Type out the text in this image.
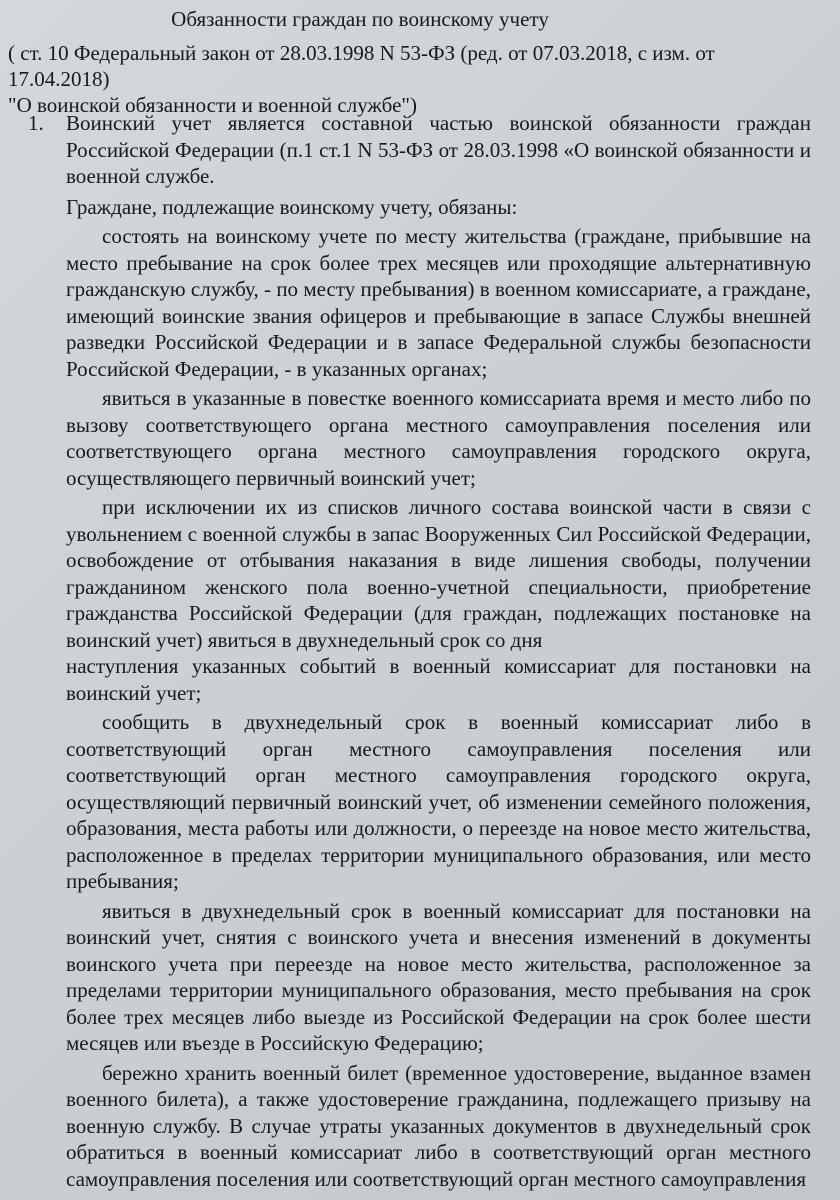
Обязанности граждан по воинскому учету
( ст. 10 Федеральный закон от 28.03.1998 N 53-ФЗ (ред. от 07.03.2018, с изм. от 17.04.2018)
"О воинской обязанности и военной службе")
1. Воинский учет является составной частью воинской обязанности граждан Российской Федерации (п.1 ст.1 N 53-ФЗ от 28.03.1998 «О воинской обязанности и военной службе.

Граждане, подлежащие воинскому учету, обязаны:

состоять на воинскому учете по месту жительства (граждане, прибывшие на место пребывание на срок более трех месяцев или проходящие альтернативную гражданскую службу, - по месту пребывания) в военном комиссариате, а граждане, имеющий воинские звания офицеров и пребывающие в запасе Службы внешней разведки Российской Федерации и в запасе Федеральной службы безопасности Российской Федерации, - в указанных органах;

явиться в указанные в повестке военного комиссариата время и место либо по вызову соответствующего органа местного самоуправления поселения или соответствующего органа местного самоуправления городского округа, осуществляющего первичный воинский учет;

при исключении их из списков личного состава воинской части в связи с увольнением с военной службы в запас Вооруженных Сил Российской Федерации, освобождение от отбывания наказания в виде лишения свободы, получении гражданином женского пола военно-учетной специальности, приобретение гражданства Российской Федерации (для граждан, подлежащих постановке на воинский учет) явиться в двухнедельный срок со дня

наступления указанных событий в военный комиссариат для постановки на воинский учет;

сообщить в двухнедельный срок в военный комиссариат либо в соответствующий орган местного самоуправления поселения или соответствующий орган местного самоуправления городского округа, осуществляющий первичный воинский учет, об изменении семейного положения, образования, места работы или должности, о переезде на новое место жительства, расположенное в пределах территории муниципального образования, или место пребывания;

явиться в двухнедельный срок в военный комиссариат для постановки на воинский учет, снятия с воинского учета и внесения изменений в документы воинского учета при переезде на новое место жительства, расположенное за пределами территории муниципального образования, место пребывания на срок более трех месяцев либо выезде из Российской Федерации на срок более шести месяцев или въезде в Российскую Федерацию;

бережно хранить военный билет (временное удостоверение, выданное взамен военного билета), а также удостоверение гражданина, подлежащего призыву на военную службу. В случае утраты указанных документов в двухнедельный срок обратиться в военный комиссариат либо в соответствующий орган местного самоуправления поселения или соответствующий орган местного самоуправления
